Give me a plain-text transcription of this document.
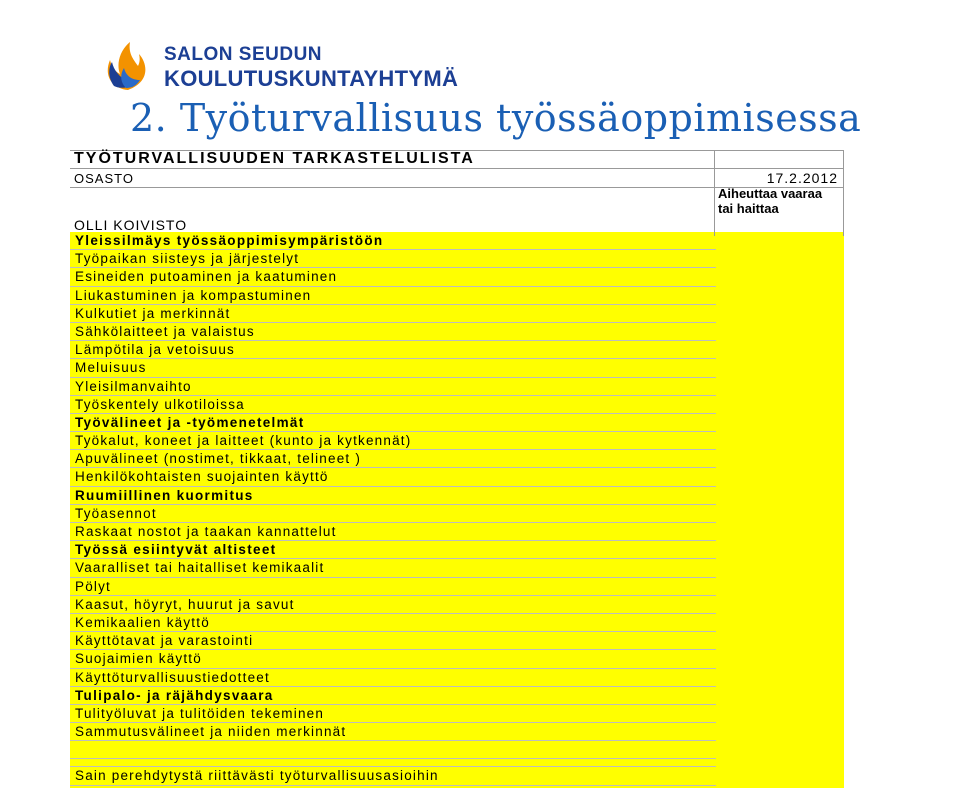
SALON SEUDUN
KOULUTUSKUNTAYHTYMÄ
2. Työturvallisuus työssäoppimisessa
TYÖTURVALLISUUDEN TARKASTELULISTA
OSASTO	17.2.2012
OLLI KOIVISTO
Aiheuttaa vaaraa tai haittaa
Yleissilmäys työssäoppimisympäristöön
Työpaikan siisteys ja järjestelyt
Esineiden putoaminen ja kaatuminen
Liukastuminen ja kompastuminen
Kulkutiet ja merkinnät
Sähkölaitteet ja valaistus
Lämpötila ja vetoisuus
Meluisuus
Yleisilmanvaihto
Työskentely ulkotiloissa
Työvälineet ja -työmenetelmät
Työkalut, koneet ja laitteet (kunto ja kytkennät)
Apuvälineet (nostimet, tikkaat, telineet )
Henkilökohtaisten suojainten käyttö
Ruumiillinen kuormitus
Työasennot
Raskaat nostot ja taakan kannattelut
Työssä esiintyvät altisteet
Vaaralliset tai haitalliset kemikaalit
Pölyt
Kaasut, höyryt, huurut ja savut
Kemikaalien käyttö
Käyttötavat ja varastointi
Suojaimien käyttö
Käyttöturvallisuustiedotteet
Tulipalo- ja räjähdysvaara
Tulityöluvat ja tulitöiden tekeminen
Sammutusvälineet ja niiden merkinnät
Sain perehdytystä riittävästi työturvallisuusasioihin
